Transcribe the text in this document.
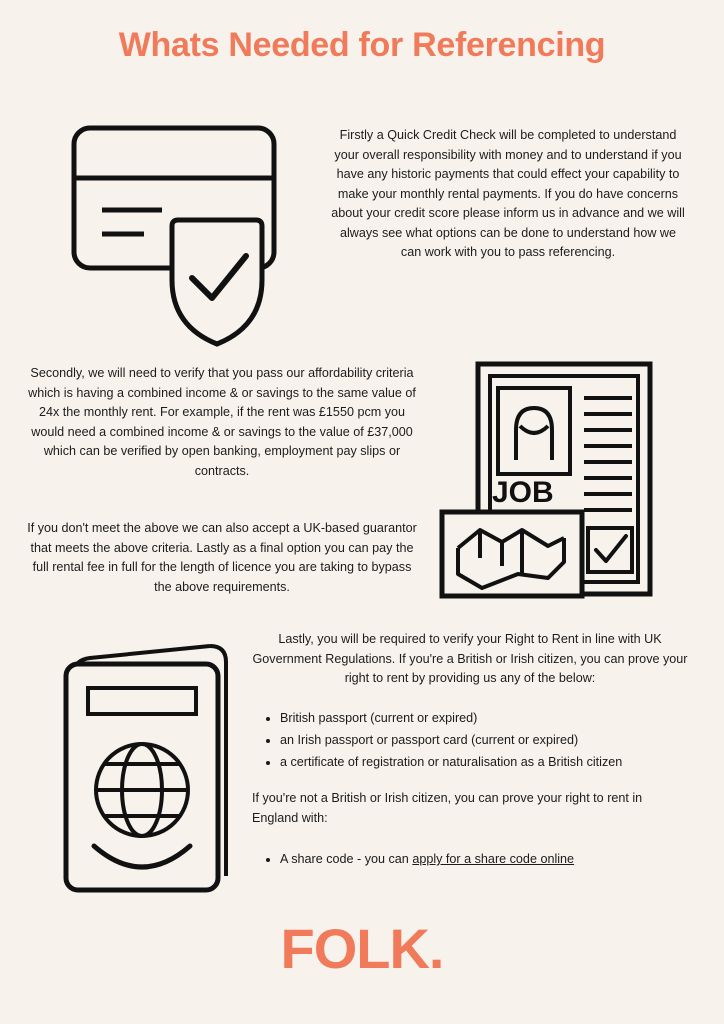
Whats Needed for Referencing
Firstly a Quick Credit Check will be completed to understand your overall responsibility with money and to understand if you have any historic payments that could effect your capability to make your monthly rental payments. If you do have concerns about your credit score please inform us in advance and we will always see what options can be done to understand how we can work with you to pass referencing.
Secondly, we will need to verify that you pass our affordability criteria which is having a combined income & or savings to the same value of 24x the monthly rent. For example, if the rent was £1550 pcm you would need a combined income & or savings to the value of £37,000 which can be verified by open banking, employment pay slips or contracts.
If you don't meet the above we can also accept a UK-based guarantor that meets the above criteria. Lastly as a final option you can pay the full rental fee in full for the length of licence you are taking to bypass the above requirements.
JOB
Lastly, you will be required to verify your Right to Rent in line with UK Government Regulations. If you're a British or Irish citizen, you can prove your right to rent by providing us any of the below:
• British passport (current or expired)
• an Irish passport or passport card (current or expired)
• a certificate of registration or naturalisation as a British citizen
If you're not a British or Irish citizen, you can prove your right to rent in England with:
• A share code - you can apply for a share code online
FOLK.
